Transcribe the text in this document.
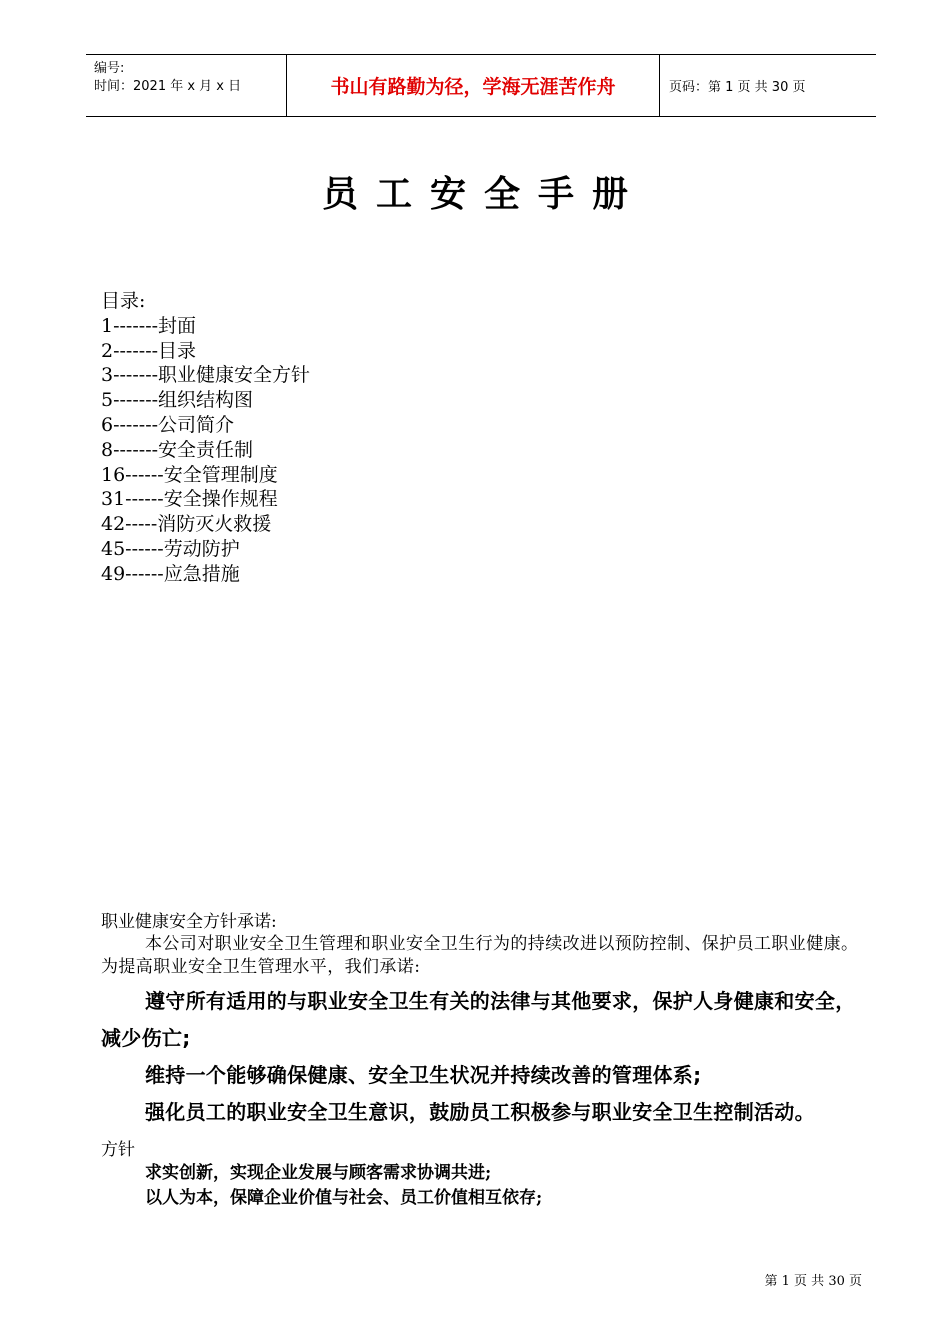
编号:
时间：2021 年 x 月 x 日	书山有路勤为径，学海无涯苦作舟	页码：第 1 页 共 30 页
员工安全手册
目录:
1-------封面
2-------目录
3-------职业健康安全方针
5-------组织结构图
6-------公司简介
8-------安全责任制
16------安全管理制度
31------安全操作规程
42-----消防灭火救援
45------劳动防护
49------应急措施
职业健康安全方针承诺:
本公司对职业安全卫生管理和职业安全卫生行为的持续改进以预防控制、保护员工职业健康。为提高职业安全卫生管理水平，我们承诺:
遵守所有适用的与职业安全卫生有关的法律与其他要求，保护人身健康和安全，减少伤亡;
维持一个能够确保健康、安全卫生状况并持续改善的管理体系;
强化员工的职业安全卫生意识，鼓励员工积极参与职业安全卫生控制活动。
方针
求实创新，实现企业发展与顾客需求协调共进;
以人为本，保障企业价值与社会、员工价值相互依存;
第 1 页 共 30 页
